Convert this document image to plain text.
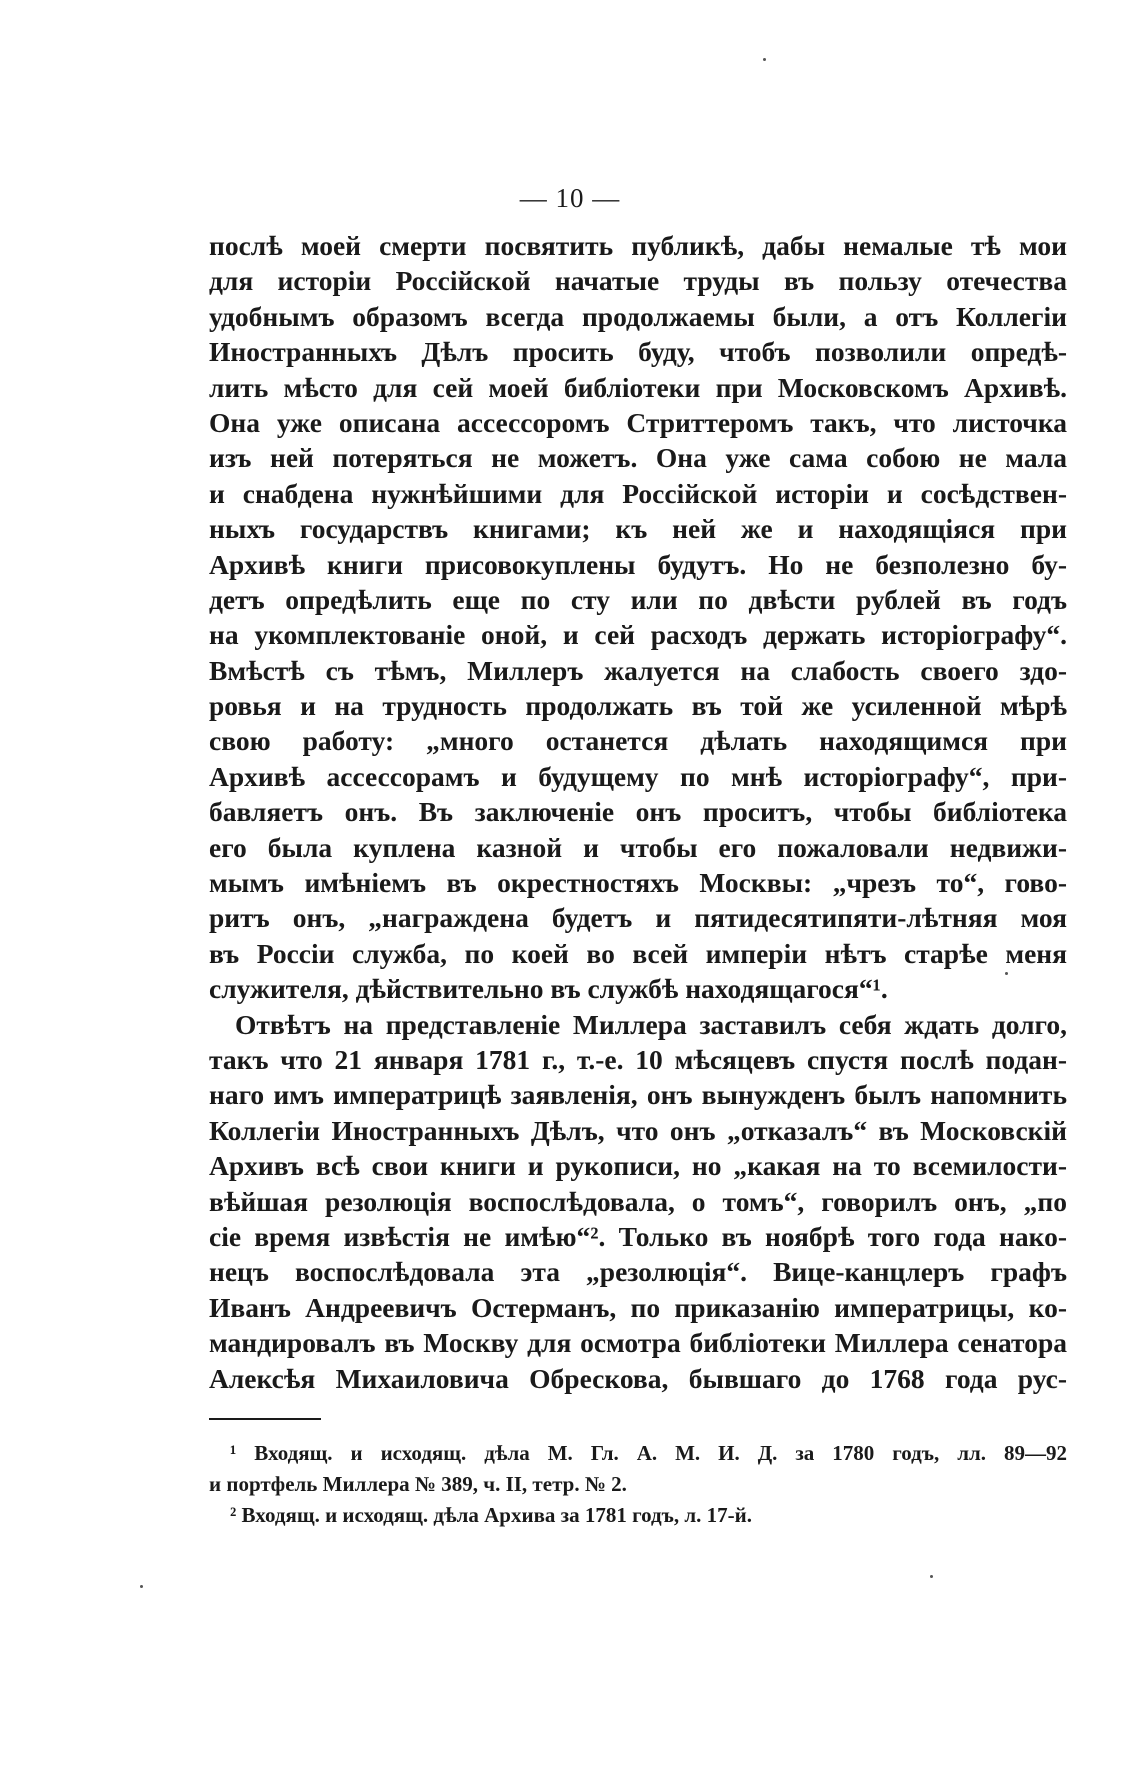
— 10 —
послѣ моей смерти посвятить публикѣ, дабы немалые тѣ мои
для исторіи Россійской начатые труды въ пользу отечества
удобнымъ образомъ всегда продолжаемы были, а отъ Коллегіи
Иностранныхъ Дѣлъ просить буду, чтобъ позволили опредѣ-
лить мѣсто для сей моей библіотеки при Московскомъ Архивѣ.
Она уже описана ассессоромъ Стриттеромъ такъ, что листочка
изъ ней потеряться не можетъ. Она уже сама собою не мала
и снабдена нужнѣйшими для Россійской исторіи и сосѣдствен-
ныхъ государствъ книгами; къ ней же и находящіяся при
Архивѣ книги присовокуплены будутъ. Но не безполезно бу-
детъ опредѣлить еще по сту или по двѣсти рублей въ годъ
на укомплектованіе оной, и сей расходъ держать исторіографу“.
Вмѣстѣ съ тѣмъ, Миллеръ жалуется на слабость своего здо-
ровья и на трудность продолжать въ той же усиленной мѣрѣ
свою работу: „много останется дѣлать находящимся при
Архивѣ ассессорамъ и будущему по мнѣ исторіографу“, при-
бавляетъ онъ. Въ заключеніе онъ проситъ, чтобы библіотека
его была куплена казной и чтобы его пожаловали недвижи-
мымъ имѣніемъ въ окрестностяхъ Москвы: „чрезъ то“, гово-
ритъ онъ, „награждена будетъ и пятидесятипяти-лѣтняя моя
въ Россіи служба, по коей во всей имперіи нѣтъ старѣе меня
служителя, дѣйствительно въ службѣ находящагося“¹.
Отвѣтъ на представленіе Миллера заставилъ себя ждать долго,
такъ что 21 января 1781 г., т.-е. 10 мѣсяцевъ спустя послѣ подан-
наго имъ императрицѣ заявленія, онъ вынужденъ былъ напомнить
Коллегіи Иностранныхъ Дѣлъ, что онъ „отказалъ“ въ Московскій
Архивъ всѣ свои книги и рукописи, но „какая на то всемилости-
вѣйшая резолюція воспослѣдовала, о томъ“, говорилъ онъ, „по
сіе время извѣстія не имѣю“². Только въ ноябрѣ того года нако-
нецъ воспослѣдовала эта „резолюція“. Вице-канцлеръ графъ
Иванъ Андреевичъ Остерманъ, по приказанію императрицы, ко-
мандировалъ въ Москву для осмотра библіотеки Миллера сенатора
Алексѣя Михаиловича Обрескова, бывшаго до 1768 года рус-
¹ Входящ. и исходящ. дѣла М. Гл. А. М. И. Д. за 1780 годъ, лл. 89—92
и портфель Миллера № 389, ч. II, тетр. № 2.
² Входящ. и исходящ. дѣла Архива за 1781 годъ, л. 17-й.
